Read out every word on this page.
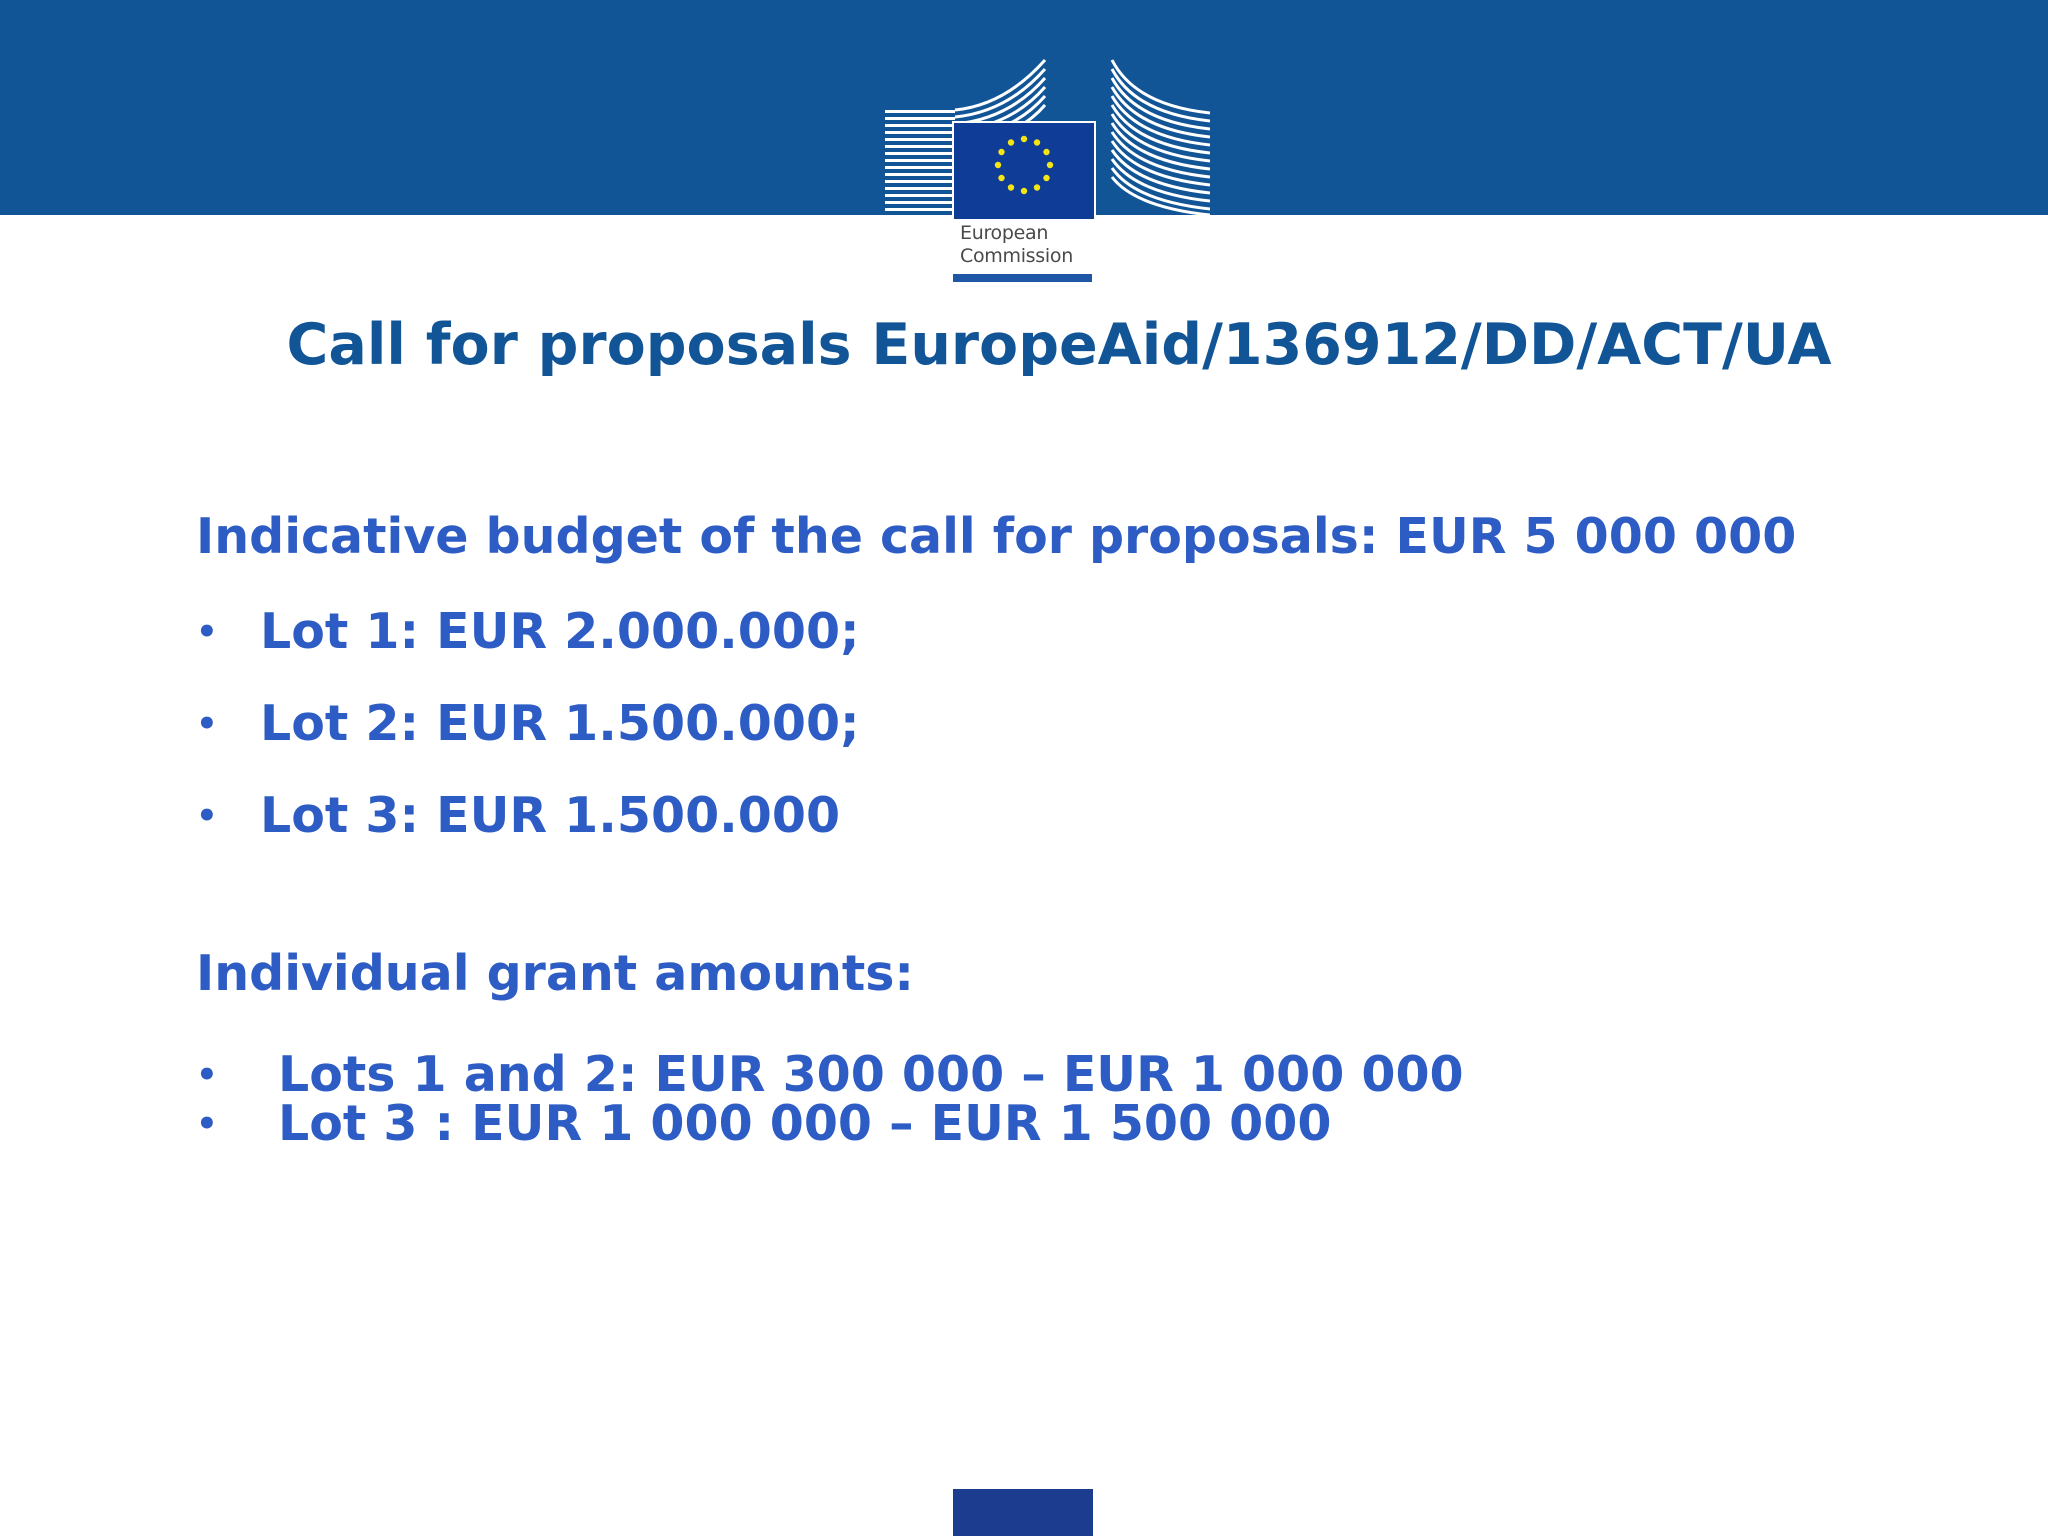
European
Commission
Call for proposals EuropeAid/136912/DD/ACT/UA
Indicative budget of the call for proposals: EUR 5 000 000
• Lot 1: EUR 2.000.000;
• Lot 2: EUR 1.500.000;
• Lot 3: EUR 1.500.000
Individual grant amounts:
• Lots 1 and 2: EUR 300 000 – EUR 1 000 000
• Lot 3 : EUR 1 000 000 – EUR 1 500 000
